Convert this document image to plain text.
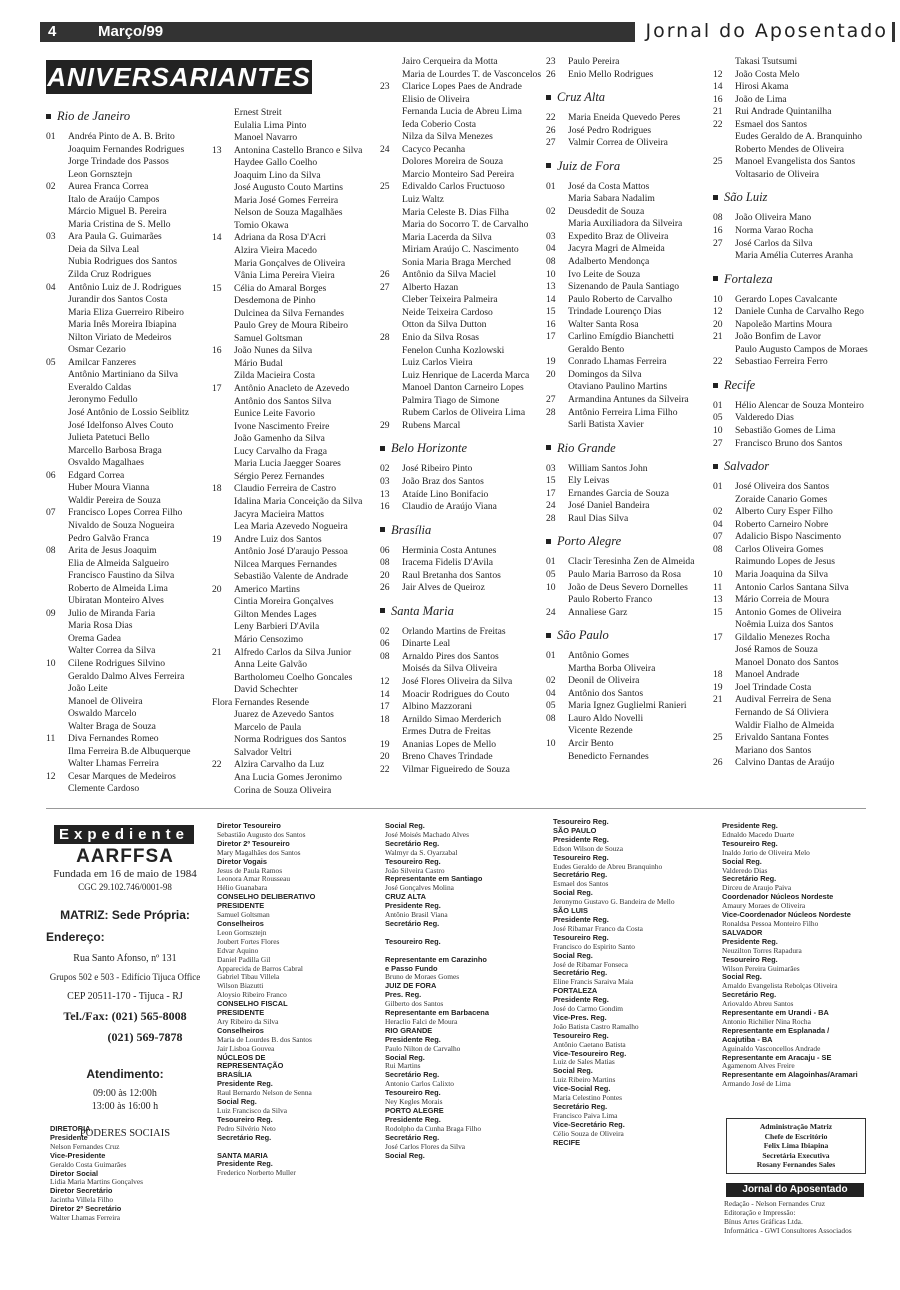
4	Março/99	Jornal do Aposentado
ANIVERSARIANTES
Rio de Janeiro
01	Andréa Pinto de A. B. Brito
Joaquim Fernandes Rodrigues
Jorge Trindade dos Passos
Leon Gornsztejn
02	Aurea Franca Correa
Italo de Araújo Campos
Márcio Miguel B. Pereira
Maria Cristina de S. Mello
03	Ara Paula G. Guimarães
Deia da Silva Leal
Nubia Rodrigues dos Santos
Zilda Cruz Rodrigues
04	Antônio Luiz de J. Rodrigues
Jurandir dos Santos Costa
Maria Eliza Guerreiro Ribeiro
Maria Inês Moreira Ibiapina
Nilton Viriato de Medeiros
Osmar Cezario
05	Amilcar Fanzeres
Antônio Martiniano da Silva
Everaldo Caldas
Jeronymo Fedullo
José Antônio de Lossio Seiblitz
José Idelfonso Alves Couto
Julieta Patetuci Bello
Marcello Barbosa Braga
Osvaldo Magalhaes
06	Edgard Correa
Huber Moura Vianna
Waldir Pereira de Souza
07	Francisco Lopes Correa Filho
Nivaldo de Souza Nogueira
Pedro Galvão Franca
08	Arita de Jesus Joaquim
Elia de Almeida Salgueiro
Francisco Faustino da Silva
Roberto de Almeida Lima
Ubiratan Monteiro Alves
09	Julio de Miranda Faria
Maria Rosa Dias
Orema Gadea
Walter Correa da Silva
10	Cilene Rodrigues Silvino
Geraldo Dalmo Alves Ferreira
João Leite
Manoel de Oliveira
Oswaldo Marcelo
Walter Braga de Souza
11	Diva Fernandes Romeo
Ilma Ferreira B.de Albuquerque
Walter Lhamas Ferreira
12	Cesar Marques de Medeiros
Clemente Cardoso
Ernest Streit
Eulalia Lima Pinto
Manoel Navarro
13	Antonina Castello Branco e Silva
Haydee Gallo Coelho
Joaquim Lino da Silva
José Augusto Couto Martins
Maria José Gomes Ferreira
Nelson de Souza Magalhães
Tomio Okawa
14	Adriana da Rosa D'Acri
Alzira Vieira Macedo
Maria Gonçalves de Oliveira
Vânia Lima Pereira Vieira
15	Célia do Amaral Borges
Desdemona de Pinho
Dulcinea da Silva Fernandes
Paulo Grey de Moura Ribeiro
Samuel Goltsman
16	João Nunes da Silva
Mário Budal
Zilda Macieira Costa
17	Antônio Anacleto de Azevedo
Antônio dos Santos Silva
Eunice Leite Favorio
Ivone Nascimento Freire
João Gamenho da Silva
Lucy Carvalho da Fraga
Maria Lucia Jaegger Soares
Sérgio Perez Fernandes
18	Claudio Ferreira de Castro
Idalina Maria Conceição da Silva
Jacyra Macieira Mattos
Lea Maria Azevedo Nogueira
19	Andre Luiz dos Santos
Antônio José D'araujo Pessoa
Nilcea Marques Fernandes
Sebastião Valente de Andrade
20	Americo Martins
Cintia Moreira Gonçalves
Gilton Mendes Lages
Leny Barbieri D'Avila
Mário Censozimo
21	Alfredo Carlos da Silva Junior
Anna Leite Galvão
Bartholomeu Coelho Goncales
David Schechter
Flora Fernandes Resende
Juarez de Azevedo Santos
Marcelo de Paula
Norma Rodrigues dos Santos
Salvador Veltri
22	Alzira Carvalho da Luz
Ana Lucia Gomes Jeronimo
Corina de Souza Oliveira
Jairo Cerqueira da Motta
Maria de Lourdes T. de Vasconcelos
23	Clarice Lopes Paes de Andrade
Elisio de Oliveira
Fernanda Lucia de Abreu Lima
Ieda Coberio Costa
Nilza da Silva Menezes
24	Cacyco Pecanha
Dolores Moreira de Souza
Marcio Monteiro Sad Pereira
25	Edivaldo Carlos Fructuoso
Luiz Waltz
Maria Celeste B. Dias Filha
Maria do Socorro T. de Carvalho
Maria Lacerda da Silva
Miriam Araújo C. Nascimento
Sonia Maria Braga Merched
26	Antônio da Silva Maciel
27	Alberto Hazan
Cleber Teixeira Palmeira
Neide Teixeira Cardoso
Otton da Silva Dutton
28	Enio da Silva Rosas
Fenelon Cunha Kozlowski
Luiz Carlos Vieira
Luiz Henrique de Lacerda Marca
Manoel Danton Carneiro Lopes
Palmira Tiago de Simone
Rubem Carlos de Oliveira Lima
29	Rubens Marcal
Belo Horizonte
02	José Ribeiro Pinto
03	João Braz dos Santos
13	Ataíde Lino Bonifacio
16	Claudio de Araújo Viana
Brasília
06	Herminia Costa Antunes
08	Iracema Fidelis D'Avila
20	Raul Bretanha dos Santos
26	Jair Alves de Queiroz
Santa Maria
02	Orlando Martins de Freitas
06	Dinarte Leal
08	Arnaldo Pires dos Santos
Moisés da Silva Oliveira
12	José Flores Oliveira da Silva
14	Moacir Rodrigues do Couto
17	Albino Mazzorani
18	Arnildo Simao Merderich
Ermes Dutra de Freitas
19	Ananias Lopes de Mello
20	Breno Chaves Trindade
22	Vilmar Figueiredo de Souza
23	Paulo Pereira
26	Enio Mello Rodrigues
Cruz Alta
22	Maria Eneida Quevedo Peres
26	José Pedro Rodrigues
27	Valmir Correa de Oliveira
Juiz de Fora
01	José da Costa Mattos
Maria Sabara Nadalim
02	Deusdedit de Souza
Maria Auxiliadora da Silveira
03	Expedito Braz de Oliveira
04	Jacyra Magri de Almeida
08	Adalberto Mendonça
10	Ivo Leite de Souza
13	Sizenando de Paula Santiago
14	Paulo Roberto de Carvalho
15	Trindade Lourenço Dias
16	Walter Santa Rosa
17	Carlino Emígdio Bianchetti
Geraldo Bento
19	Conrado Lhamas Ferreira
20	Domingos da Silva
Otaviano Paulino Martins
27	Armandina Antunes da Silveira
28	Antônio Ferreira Lima Filho
Sarli Batista Xavier
Rio Grande
03	William Santos John
15	Ely Leivas
17	Ernandes Garcia de Souza
24	José Daniel Bandeira
28	Raul Dias Silva
Porto Alegre
01	Clacir Teresinha Zen de Almeida
05	Paulo Maria Barroso da Rosa
10	João de Deus Severo Dornelles
Paulo Roberto Franco
24	Annaliese Garz
São Paulo
01	Antônio Gomes
Martha Borba Oliveira
02	Deonil de Oliveira
04	Antônio dos Santos
05	Maria Ignez Guglielmi Ranieri
08	Lauro Aldo Novelli
Vicente Rezende
10	Arcir Bento
Benedicto Fernandes
Takasi Tsutsumi
12	João Costa Melo
14	Hirosi Akama
16	João de Lima
21	Rui Andrade Quintanilha
22	Esmael dos Santos
Eudes Geraldo de A. Branquinho
Roberto Mendes de Oliveira
25	Manoel Evangelista dos Santos
Voltasario de Oliveira
São Luiz
08	João Oliveira Mano
16	Norma Varao Rocha
27	José Carlos da Silva
Maria Amélia Cuterres Aranha
Fortaleza
10	Gerardo Lopes Cavalcante
12	Daniele Cunha de Carvalho Rego
20	Napoleão Martins Moura
21	João Bonfim de Lavor
Paulo Augusto Campos de Moraes
22	Sebastiao Ferreira Ferro
Recife
01	Hélio Alencar de Souza Monteiro
05	Valderedo Dias
10	Sebastião Gomes de Lima
27	Francisco Bruno dos Santos
Salvador
01	José Oliveira dos Santos
Zoraide Canario Gomes
02	Alberto Cury Esper Filho
04	Roberto Carneiro Nobre
07	Adalicio Bispo Nascimento
08	Carlos Oliveira Gomes
Raimundo Lopes de Jesus
10	Maria Joaquina da Silva
11	Antonio Carlos Santana Silva
13	Mário Correia de Moura
15	Antonio Gomes de Oliveira
Noêmia Luiza dos Santos
17	Gildalio Menezes Rocha
José Ramos de Souza
Manoel Donato dos Santos
18	Manoel Andrade
19	Joel Trindade Costa
21	Audival Ferreira de Sena
Fernando de Sá Oliviera
Waldir Fialho de Almeida
25	Erivaldo Santana Fontes
Mariano dos Santos
26	Calvino Dantas de Araújo
Expediente
AARFFSA
Fundada em 16 de maio de 1984
CGC 29.102.746/0001-98
MATRIZ: Sede Própria:
Endereço:
Rua Santo Afonso, nº 131
Grupos 502 e 503 - Edifício Tijuca Office
CEP 20511-170 - Tijuca - RJ
Tel./Fax: (021) 565-8008
(021) 569-7878
Atendimento:
09:00 às 12:00h
13:00 às 16:00 h
PODERES SOCIAIS
DIRETORIA
Presidente
Nelson Fernandes Cruz
Vice-Presidente
Geraldo Costa Guimarães
Diretor Social
Lidia Maria Martins Gonçalves
Diretor Secretário
Jacintha Villela Filho
Diretor 2º Secretário
Walter Lhamas Ferreira
Diretor Tesoureiro
Sebastião Augusto dos Santos
Diretor 2º Tesoureiro
Mary Magalhães dos Santos
Diretor Vogais
Jesus de Paula Ramos
Leonora Amar Rousseau
Hélio Guanabara
CONSELHO DELIBERATIVO
PRESIDENTE
Samuel Goltsman
Conselheiros
Leon Gornsztejn
Joubert Fortes Flores
Edvar Aquino
Daniel Padilla Gil
Apparecida de Barros Cabral
Gabriel Tibau Villela
Wilson Biazutti
Aloysio Ribeiro Franco
CONSELHO FISCAL
PRESIDENTE
Ary Ribeiro da Silva
Conselheiros
Maria de Lourdes B. dos Santos
Jair Lisboa Gouvea
NÚCLEOS DE
REPRESENTAÇÃO
BRASÍLIA
Presidente Reg.
Raul Bernardo Nelson de Senna
Social Reg.
Luiz Francisco da Silva
Tesoureiro Reg.
Pedro Silvério Neto
Secretário Reg.

SANTA MARIA
Presidente Reg.
Frederico Norberto Muller
Social Reg.
José Moisés Machado Alves
Secretário Reg.
Walmyr da S. Oyarzabal
Tesoureiro Reg.
João Silveira Castro
Representante em Santiago
José Gonçalves Molina
CRUZ ALTA
Presidente Reg.
Antônio Brasil Viana
Secretário Reg.

Tesoureiro Reg.

Representante em Carazinho
e Passo Fundo
Bruno de Moraes Gomes
JUIZ DE FORA
Pres. Reg.
Gilberto dos Santos
Representante em Barbacena
Heraclio Falci de Moura
RIO GRANDE
Presidente Reg.
Paulo Nilton de Carvalho
Social Reg.
Rui Martins
Secretário Reg.
Antonio Carlos Calixto
Tesoureiro Reg.
Ney Kegles Morais
PORTO ALEGRE
Presidente Reg.
Rodolpho da Cunha Braga Filho
Secretário Reg.
José Carlos Flores da Silva
Social Reg.
Tesoureiro Reg.
SÃO PAULO
Presidente Reg.
Edson Wilson de Souza
Tesoureiro Reg.
Eudes Geraldo de Abreu Branquinho
Secretário Reg.
Esmael dos Santos
Social Reg.
Jeronymo Gustavo G. Bandeira de Mello
SÃO LUIS
Presidente Reg.
José Ribamar Franco da Costa
Tesoureiro Reg.
Francisco do Espirito Santo
Social Reg.
José de Ribamar Fonseca
Secretário Reg.
Eline Francis Saraiva Maia
FORTALEZA
Presidente Reg.
José do Carmo Gondim
Vice-Pres. Reg.
João Batista Castro Ramalho
Tesoureiro Reg.
Antônio Caetano Batista
Vice-Tesoureiro Reg.
Luiz de Sales Matias
Social Reg.
Luiz Ribeiro Martins
Vice-Social Reg.
Maria Celestino Pontes
Secretário Reg.
Francisco Paiva Lima
Vice-Secretário Reg.
Célio Souza de Oliveira
RECIFE
Presidente Reg.
Ednaldo Macedo Duarte
Tesoureiro Reg.
Inaldo Jorio de Oliveira Melo
Social Reg.
Valderedo Dias
Secretário Reg.
Dirceu de Araujo Paiva
Coordenador Núcleos Nordeste
Amaury Moraes de Oliveira
Vice-Coordenador Núcleos Nordeste
Ronaldsa Pessoa Monteiro Filho
SALVADOR
Presidente Reg.
Neuzilton Torres Rapadura
Tesoureiro Reg.
Wilson Pereira Guimarães
Social Reg.
Arnaldo Evangelista Rebolças Oliveira
Secretário Reg.
Ariovaldo Abreu Santos
Representante em Urandi - BA
Antonio Richilier Nina Rocha
Representante em Esplanada /
Acajutiba - BA
Aguinaldo Vasconcellos Andrade
Representante em Aracaju - SE
Agamenom Alves Freire
Representante em Alagoinhas/Aramari
Armando José de Lima
Administração Matriz
Chefe de Escritório
Felix Lima Ibiapina
Secretária Executiva
Rosany Fernandes Sales
Jornal do Aposentado
Redação - Nelson Fernandes Cruz
Editoração e Impressão:
Bínus Artes Gráficas Ltda.
Informática - GWI Consultores Associados
